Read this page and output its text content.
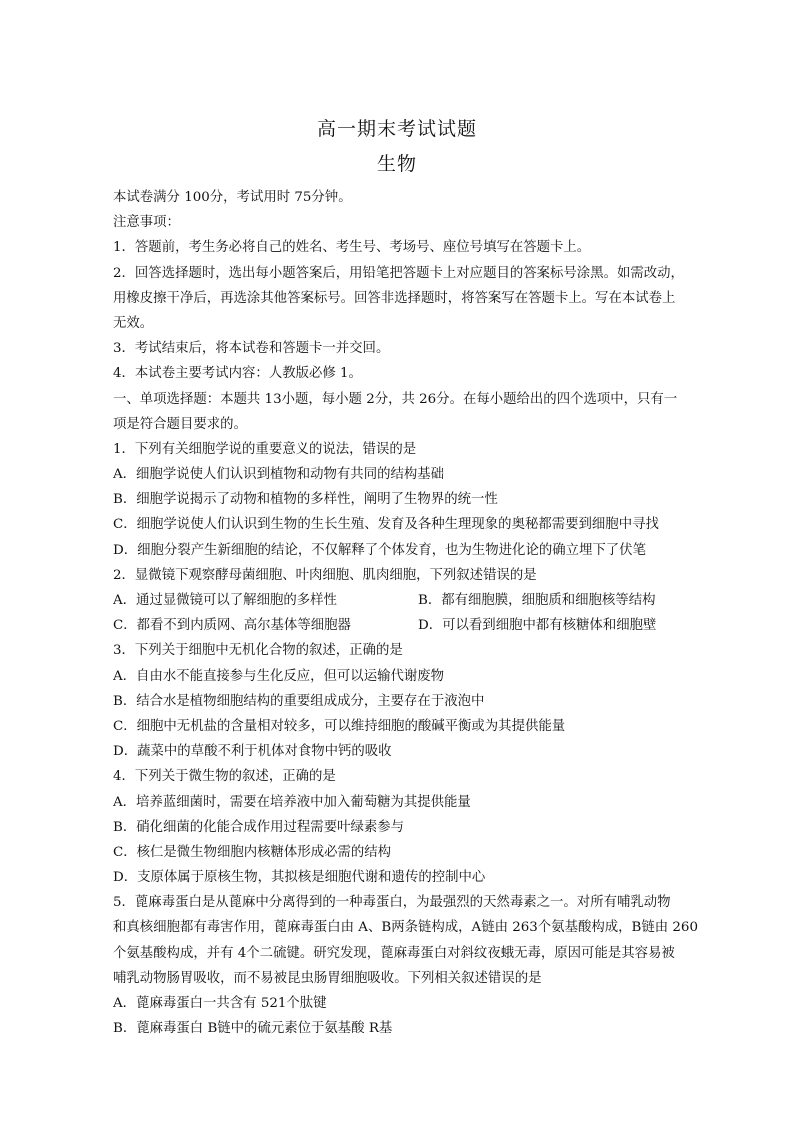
高一期末考试试题
生物
本试卷满分 100分，考试用时 75分钟。
注意事项：
1．答题前，考生务必将自己的姓名、考生号、考场号、座位号填写在答题卡上。
2．回答选择题时，选出每小题答案后，用铅笔把答题卡上对应题目的答案标号涂黑。如需改动，
用橡皮擦干净后，再选涂其他答案标号。回答非选择题时，将答案写在答题卡上。写在本试卷上
无效。
3．考试结束后，将本试卷和答题卡一并交回。
4．本试卷主要考试内容：人教版必修 1。
一、单项选择题：本题共 13小题，每小题 2分，共 26分。在每小题给出的四个选项中，只有一
项是符合题目要求的。
1．下列有关细胞学说的重要意义的说法，错误的是
A．细胞学说使人们认识到植物和动物有共同的结构基础
B．细胞学说揭示了动物和植物的多样性，阐明了生物界的统一性
C．细胞学说使人们认识到生物的生长生殖、发育及各种生理现象的奥秘都需要到细胞中寻找
D．细胞分裂产生新细胞的结论，不仅解释了个体发育，也为生物进化论的确立埋下了伏笔
2．显微镜下观察酵母菌细胞、叶肉细胞、肌肉细胞，下列叙述错误的是
A．通过显微镜可以了解细胞的多样性	B．都有细胞膜，细胞质和细胞核等结构
C．都看不到内质网、高尔基体等细胞器	D．可以看到细胞中都有核糖体和细胞壁
3．下列关于细胞中无机化合物的叙述，正确的是
A．自由水不能直接参与生化反应，但可以运输代谢废物
B．结合水是植物细胞结构的重要组成成分，主要存在于液泡中
C．细胞中无机盐的含量相对较多，可以维持细胞的酸碱平衡或为其提供能量
D．蔬菜中的草酸不利于机体对食物中钙的吸收
4．下列关于微生物的叙述，正确的是
A．培养蓝细菌时，需要在培养液中加入葡萄糖为其提供能量
B．硝化细菌的化能合成作用过程需要叶绿素参与
C．核仁是微生物细胞内核糖体形成必需的结构
D．支原体属于原核生物，其拟核是细胞代谢和遗传的控制中心
5．蓖麻毒蛋白是从蓖麻中分离得到的一种毒蛋白，为最强烈的天然毒素之一。对所有哺乳动物
和真核细胞都有毒害作用，蓖麻毒蛋白由 A、B两条链构成，A链由 263个氨基酸构成，B链由 260
个氨基酸构成，并有 4个二硫键。研究发现，蓖麻毒蛋白对斜纹夜蛾无毒，原因可能是其容易被
哺乳动物肠胃吸收，而不易被昆虫肠胃细胞吸收。下列相关叙述错误的是
A．蓖麻毒蛋白一共含有 521个肽键
B．蓖麻毒蛋白 B链中的硫元素位于氨基酸 R基
